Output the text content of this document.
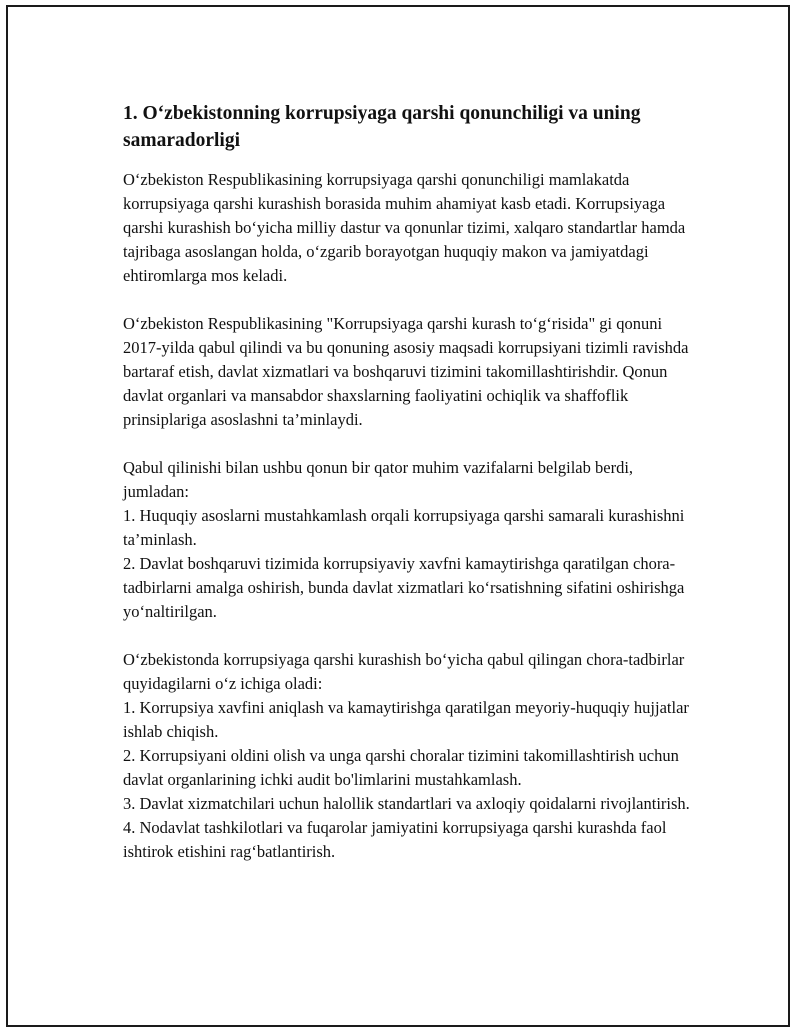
1. O‘zbekistonning korrupsiyaga qarshi qonunchiligi va uning samaradorligi

O‘zbekiston Respublikasining korrupsiyaga qarshi qonunchiligi mamlakatda korrupsiyaga qarshi kurashish borasida muhim ahamiyat kasb etadi. Korrupsiyaga qarshi kurashish bo‘yicha milliy dastur va qonunlar tizimi, xalqaro standartlar hamda tajribaga asoslangan holda, o‘zgarib borayotgan huquqiy makon va jamiyatdagi ehtiromlarga mos keladi.

O‘zbekiston Respublikasining "Korrupsiyaga qarshi kurash to‘g‘risida" gi qonuni 2017-yilda qabul qilindi va bu qonuning asosiy maqsadi korrupsiyani tizimli ravishda bartaraf etish, davlat xizmatlari va boshqaruvi tizimini takomillashtirishdir. Qonun davlat organlari va mansabdor shaxslarning faoliyatini ochiqlik va shaffoflik prinsiplariga asoslashni ta’minlaydi.

Qabul qilinishi bilan ushbu qonun bir qator muhim vazifalarni belgilab berdi, jumladan:
1. Huquqiy asoslarni mustahkamlash orqali korrupsiyaga qarshi samarali kurashishni ta’minlash.
2. Davlat boshqaruvi tizimida korrupsiyaviy xavfni kamaytirishga qaratilgan chora-tadbirlarni amalga oshirish, bunda davlat xizmatlari ko‘rsatishning sifatini oshirishga yo‘naltirilgan.

O‘zbekistonda korrupsiyaga qarshi kurashish bo‘yicha qabul qilingan chora-tadbirlar quyidagilarni o‘z ichiga oladi:
1. Korrupsiya xavfini aniqlash va kamaytirishga qaratilgan meyoriy-huquqiy hujjatlar ishlab chiqish.
2. Korrupsiyani oldini olish va unga qarshi choralar tizimini takomillashtirish uchun davlat organlarining ichki audit bo'limlarini mustahkamlash.
3. Davlat xizmatchilari uchun halollik standartlari va axloqiy qoidalarni rivojlantirish.
4. Nodavlat tashkilotlari va fuqarolar jamiyatini korrupsiyaga qarshi kurashda faol ishtirok etishini rag‘batlantirish.
